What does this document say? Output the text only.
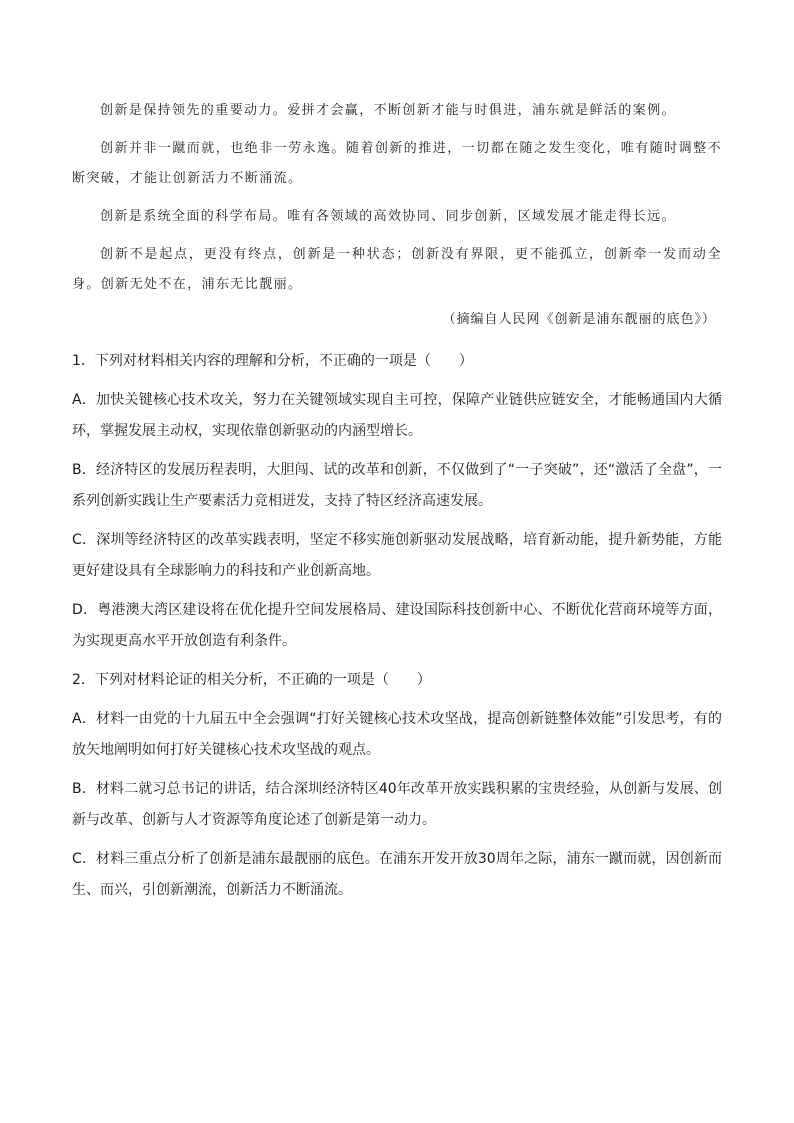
创新是保持领先的重要动力。爱拼才会赢，不断创新才能与时俱进，浦东就是鲜活的案例。

创新并非一蹴而就，也绝非一劳永逸。随着创新的推进，一切都在随之发生变化，唯有随时调整不断突破，才能让创新活力不断涌流。

创新是系统全面的科学布局。唯有各领域的高效协同、同步创新，区域发展才能走得长远。

创新不是起点，更没有终点，创新是一种状态；创新没有界限，更不能孤立，创新牵一发而动全身。创新无处不在，浦东无比靓丽。

（摘编自人民网《创新是浦东靓丽的底色》）

1．下列对材料相关内容的理解和分析，不正确的一项是（　　）

A．加快关键核心技术攻关，努力在关键领域实现自主可控，保障产业链供应链安全，才能畅通国内大循环，掌握发展主动权，实现依靠创新驱动的内涵型增长。

B．经济特区的发展历程表明，大胆闯、试的改革和创新，不仅做到了“一子突破”，还“激活了全盘”，一系列创新实践让生产要素活力竞相迸发，支持了特区经济高速发展。

C．深圳等经济特区的改革实践表明，坚定不移实施创新驱动发展战略，培育新动能，提升新势能，方能更好建设具有全球影响力的科技和产业创新高地。

D．粤港澳大湾区建设将在优化提升空间发展格局、建设国际科技创新中心、不断优化营商环境等方面，为实现更高水平开放创造有利条件。

2．下列对材料论证的相关分析，不正确的一项是（　　）

A．材料一由党的十九届五中全会强调“打好关键核心技术攻坚战，提高创新链整体效能”引发思考，有的放矢地阐明如何打好关键核心技术攻坚战的观点。

B．材料二就习总书记的讲话，结合深圳经济特区40年改革开放实践积累的宝贵经验，从创新与发展、创新与改革、创新与人才资源等角度论述了创新是第一动力。

C．材料三重点分析了创新是浦东最靓丽的底色。在浦东开发开放30周年之际，浦东一蹴而就，因创新而生、而兴，引创新潮流，创新活力不断涌流。
